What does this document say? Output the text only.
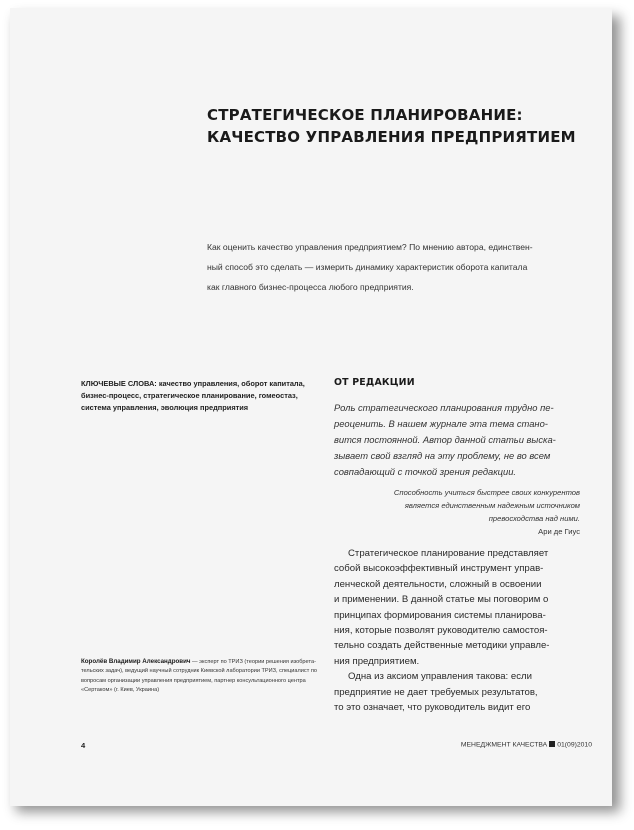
СТРАТЕГИЧЕСКОЕ ПЛАНИРОВАНИЕ:
КАЧЕСТВО УПРАВЛЕНИЯ ПРЕДПРИЯТИЕМ
Как оценить качество управления предприятием? По мнению автора, единствен-
ный способ это сделать — измерить динамику характеристик оборота капитала
как главного бизнес-процесса любого предприятия.
КЛЮЧЕВЫЕ СЛОВА: качество управления, оборот капитала,
бизнес-процесс, стратегическое планирование, гомеостаз,
система управления, эволюция предприятия
ОТ РЕДАКЦИИ
Роль стратегического планирования трудно пе-
реоценить. В нашем журнале эта тема стано-
вится постоянной. Автор данной статьи выска-
зывает свой взгляд на эту проблему, не во всем
совпадающий с точкой зрения редакции.
Способность учиться быстрее своих конкурентов
является единственным надежным источником
превосходства над ними.
Ари де Гиус
Стратегическое планирование представляет
собой высокоэффективный инструмент управ-
ленческой деятельности, сложный в освоении
и применении. В данной статье мы поговорим о
принципах формирования системы планирова-
ния, которые позволят руководителю самостоя-
тельно создать действенные методики управле-
ния предприятием.
Одна из аксиом управления такова: если
предприятие не дает требуемых результатов,
то это означает, что руководитель видит его
Королёв Владимир Александрович — эксперт по ТРИЗ (теории решения изобрета-
тельских задач), ведущий научный сотрудник Киевской лаборатории ТРИЗ, специалист по
вопросам организации управления предприятием, партнер консультационного центра
«Сертаком» (г. Киев, Украина)
4	МЕНЕДЖМЕНТ КАЧЕСТВА 01(09)2010
